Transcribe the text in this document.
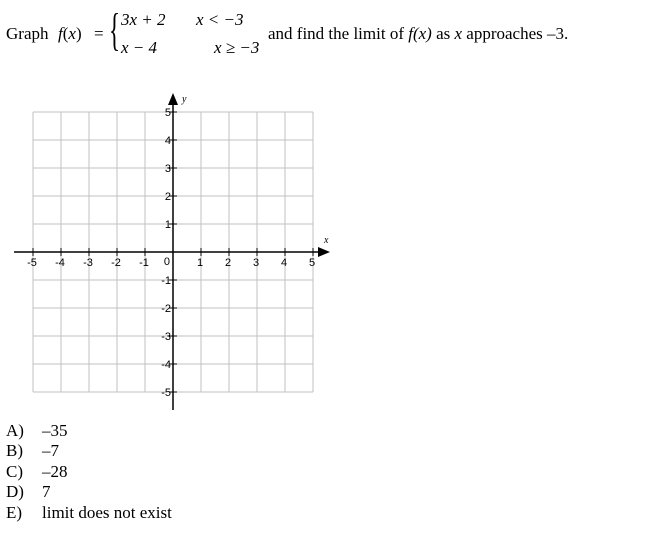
Graph f(x) = { 3x + 2 x < −3
x − 4	x ≥ −3
and find the limit of f(x) as x approaches –3.
-5 -4 -3 -2 -1	1 2 3 4 5
5
4
3
2
1
-1
-2
-3
-4
-5
0
x
y
A) –35
B) –7
C) –28
D) 7
E) limit does not exist
